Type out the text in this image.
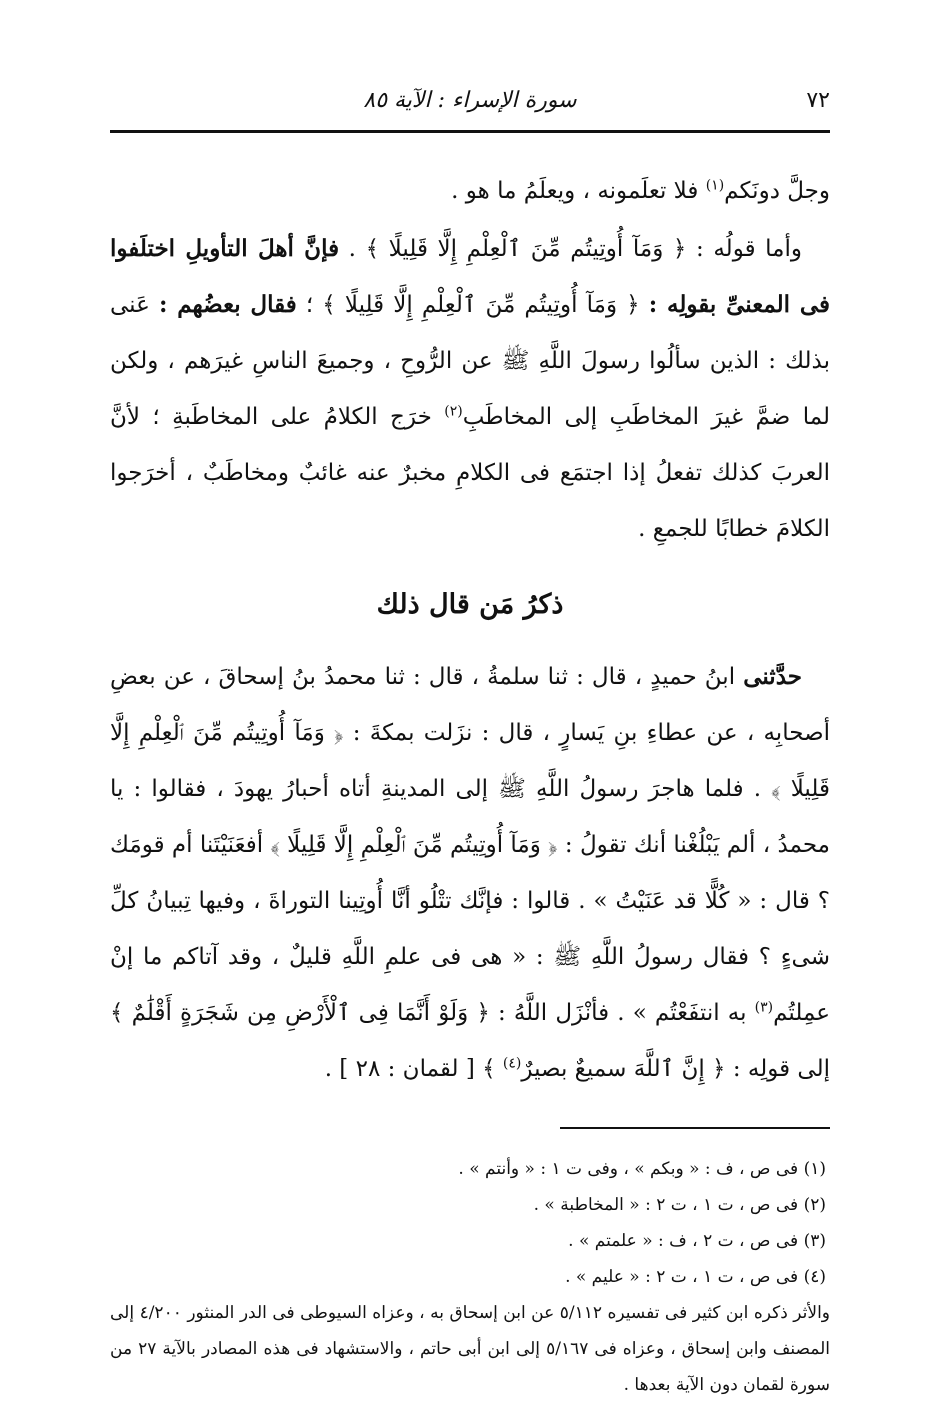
٧٢
سورة الإسراء : الآية ٨٥

وجلَّ دونَكم$^{(١)}$ فلا تعلَمونه ، ويعلَمُ ما هو .

وأما قولُه : ﴿ وَمَآ أُوتِيتُم مِّنَ ٱلْعِلْمِ إِلَّا قَلِيلًا ﴾ . فإنَّ أهلَ التأويلِ اختلَفوا فى المعنىِّ بقولِه : ﴿ وَمَآ أُوتِيتُم مِّنَ ٱلْعِلْمِ إِلَّا قَلِيلًا ﴾ ؛ فقال بعضُهم : عَنى بذلك : الذين سألُوا رسولَ اللَّهِ ﷺ عن الرُّوحِ ، وجميعَ الناسِ غيرَهم ، ولكن لما ضمَّ غيرَ المخاطَبِ إلى المخاطَبِ$^{(٢)}$ خرَج الكلامُ على المخاطَبةِ ؛ لأنَّ العربَ كذلك تفعلُ إذا اجتمَع فى الكلامِ مخبرٌ عنه غائبٌ ومخاطَبٌ ، أخرَجوا الكلامَ خطابًا للجمعِ .

ذكرُ مَن قال ذلك

حدَّثنى ابنُ حميدٍ ، قال : ثنا سلمةُ ، قال : ثنا محمدُ بنُ إسحاقَ ، عن بعضِ أصحابِه ، عن عطاءِ بنِ يَسارٍ ، قال : نزَلت بمكةَ : ﴿ وَمَآ أُوتِيتُم مِّنَ ٱلْعِلْمِ إِلَّا قَلِيلًا ﴾ . فلما هاجرَ رسولُ اللَّهِ ﷺ إلى المدينةِ أتاه أحبارُ يهودَ ، فقالوا : يا محمدُ ، ألم يَبْلُغْنا أنك تقولُ : ﴿ وَمَآ أُوتِيتُم مِّنَ ٱلْعِلْمِ إِلَّا قَلِيلًا ﴾ أفعَنَيْتَنا أم قومَك ؟ قال : « كُلًّا قد عَنَيْتُ » . قالوا : فإنَّك تتْلُو أنَّا أُوتِينا التوراةَ ، وفيها تِبيانُ كلِّ شىءٍ ؟ فقال رسولُ اللَّهِ ﷺ : « هى فى علمِ اللَّهِ قليلٌ ، وقد آتاكم ما إنْ عمِلتُم$^{(٣)}$ به انتفَعْتُم » . فأنْزَل اللَّهُ : ﴿ وَلَوْ أَنَّمَا فِى ٱلْأَرْضِ مِن شَجَرَةٍ أَقْلَٰمٌ ﴾ إلى قولِه : ﴿ إِنَّ ٱللَّهَ سميعٌ بصيرٌ$^{(٤)}$ ﴾ [ لقمان : ٢٨ ] .

(١) فى ص ، ف : « وبكم » ، وفى ت ١ : « وأنتم » .

(٢) فى ص ، ت ١ ، ت ٢ : « المخاطبة » .

(٣) فى ص ، ت ٢ ، ف : « علمتم » .

(٤) فى ص ، ت ١ ، ت ٢ : « عليم » .

والأثر ذكره ابن كثير فى تفسيره ٥/١١٢ عن ابن إسحاق به ، وعزاه السيوطى فى الدر المنثور ٤/٢٠٠ إلى المصنف وابن إسحاق ، وعزاه فى ٥/١٦٧ إلى ابن أبى حاتم ، والاستشهاد فى هذه المصادر بالآية ٢٧ من سورة لقمان دون الآية بعدها .
